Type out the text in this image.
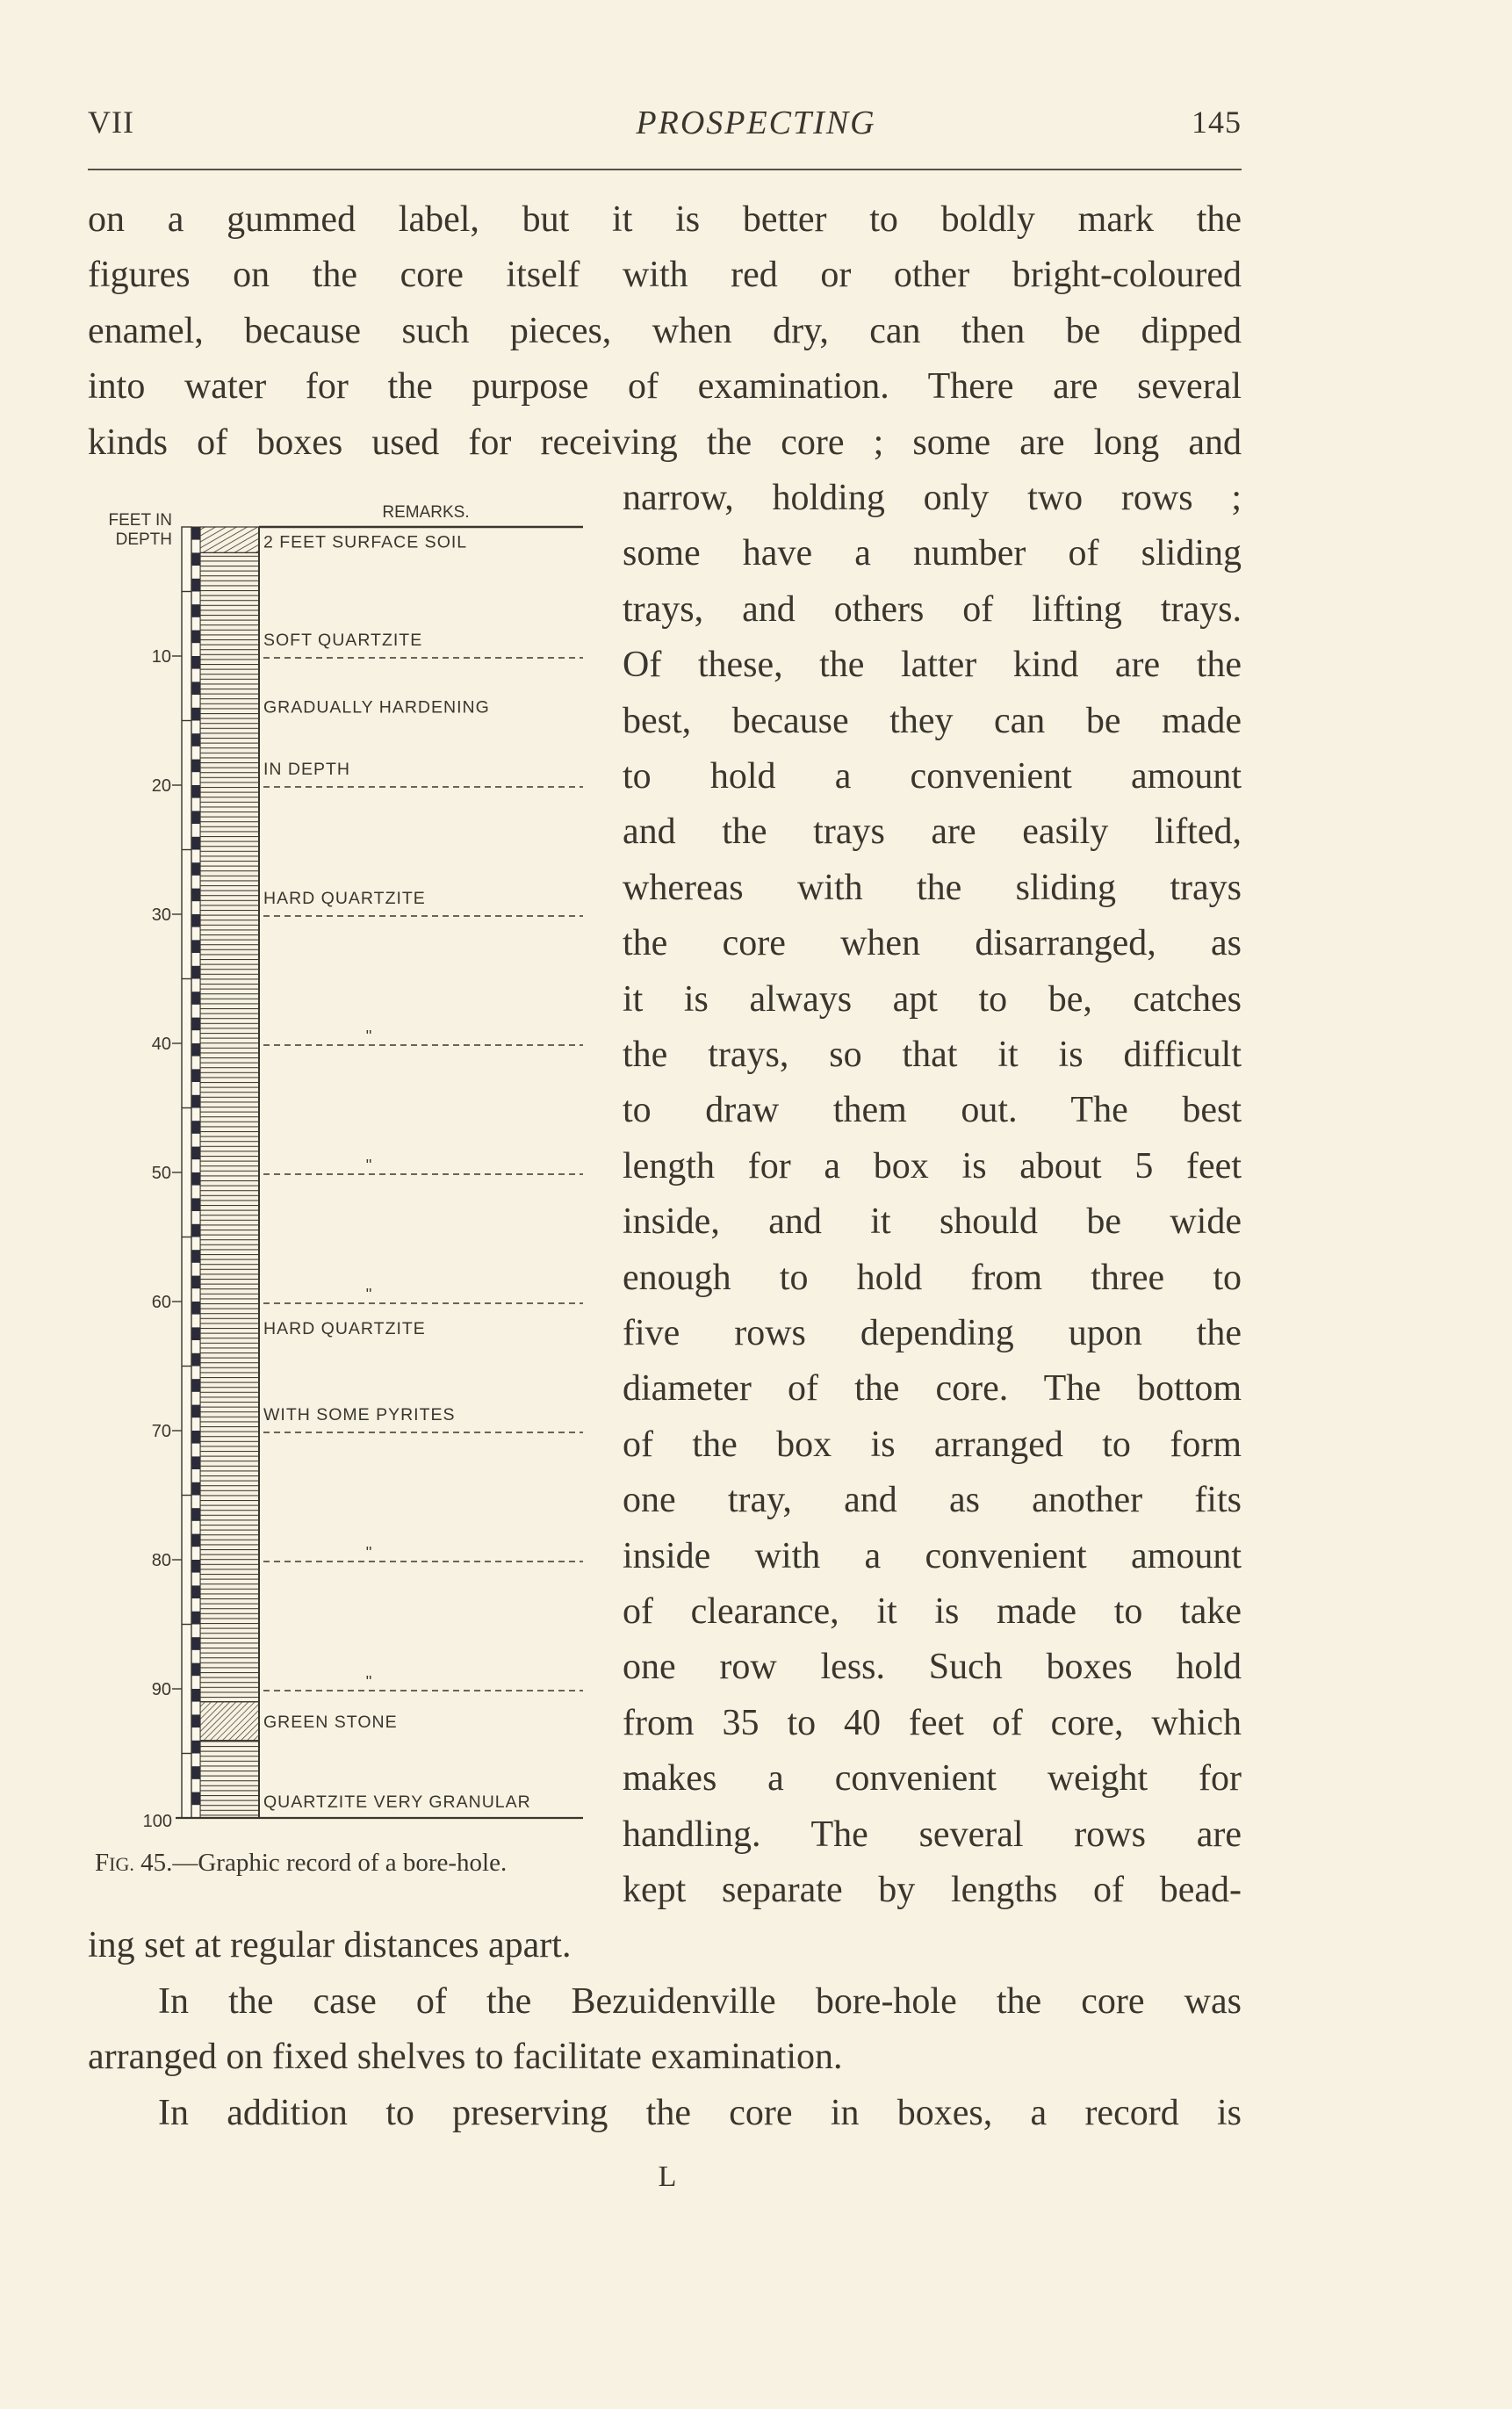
VII	PROSPECTING	145
on a gummed label, but it is better to boldly mark the
figures on the core itself with red or other bright-coloured
enamel, because such pieces, when dry, can then be dipped
into water for the purpose of examination. There are several
kinds of boxes used for receiving the core ; some are long and
narrow, holding only two rows ;
some have a number of sliding
trays, and others of lifting trays.
Of these, the latter kind are the
best, because they can be made
to hold a convenient amount
and the trays are easily lifted,
whereas with the sliding trays
the core when disarranged, as
it is always apt to be, catches
the trays, so that it is difficult
to draw them out. The best
length for a box is about 5 feet
inside, and it should be wide
enough to hold from three to
five rows depending upon the
diameter of the core. The bottom
of the box is arranged to form
one tray, and as another fits
inside with a convenient amount
of clearance, it is made to take
one row less. Such boxes hold
from 35 to 40 feet of core, which
makes a convenient weight for
handling. The several rows are
kept separate by lengths of bead-
ing set at regular distances apart.
In the case of the Bezuidenville bore-hole the core was
arranged on fixed shelves to facilitate examination.
In addition to preserving the core in boxes, a record is
FEET IN
DEPTH
REMARKS.
10
20
30
40
50
60
70
80
90
100
''
''
''
''
''
2 FEET SURFACE SOIL
SOFT QUARTZITE
GRADUALLY HARDENING
IN DEPTH
HARD QUARTZITE
HARD QUARTZITE
WITH SOME PYRITES
GREEN STONE
QUARTZITE VERY GRANULAR
FIG. 45.—Graphic record of a bore-hole.
L
